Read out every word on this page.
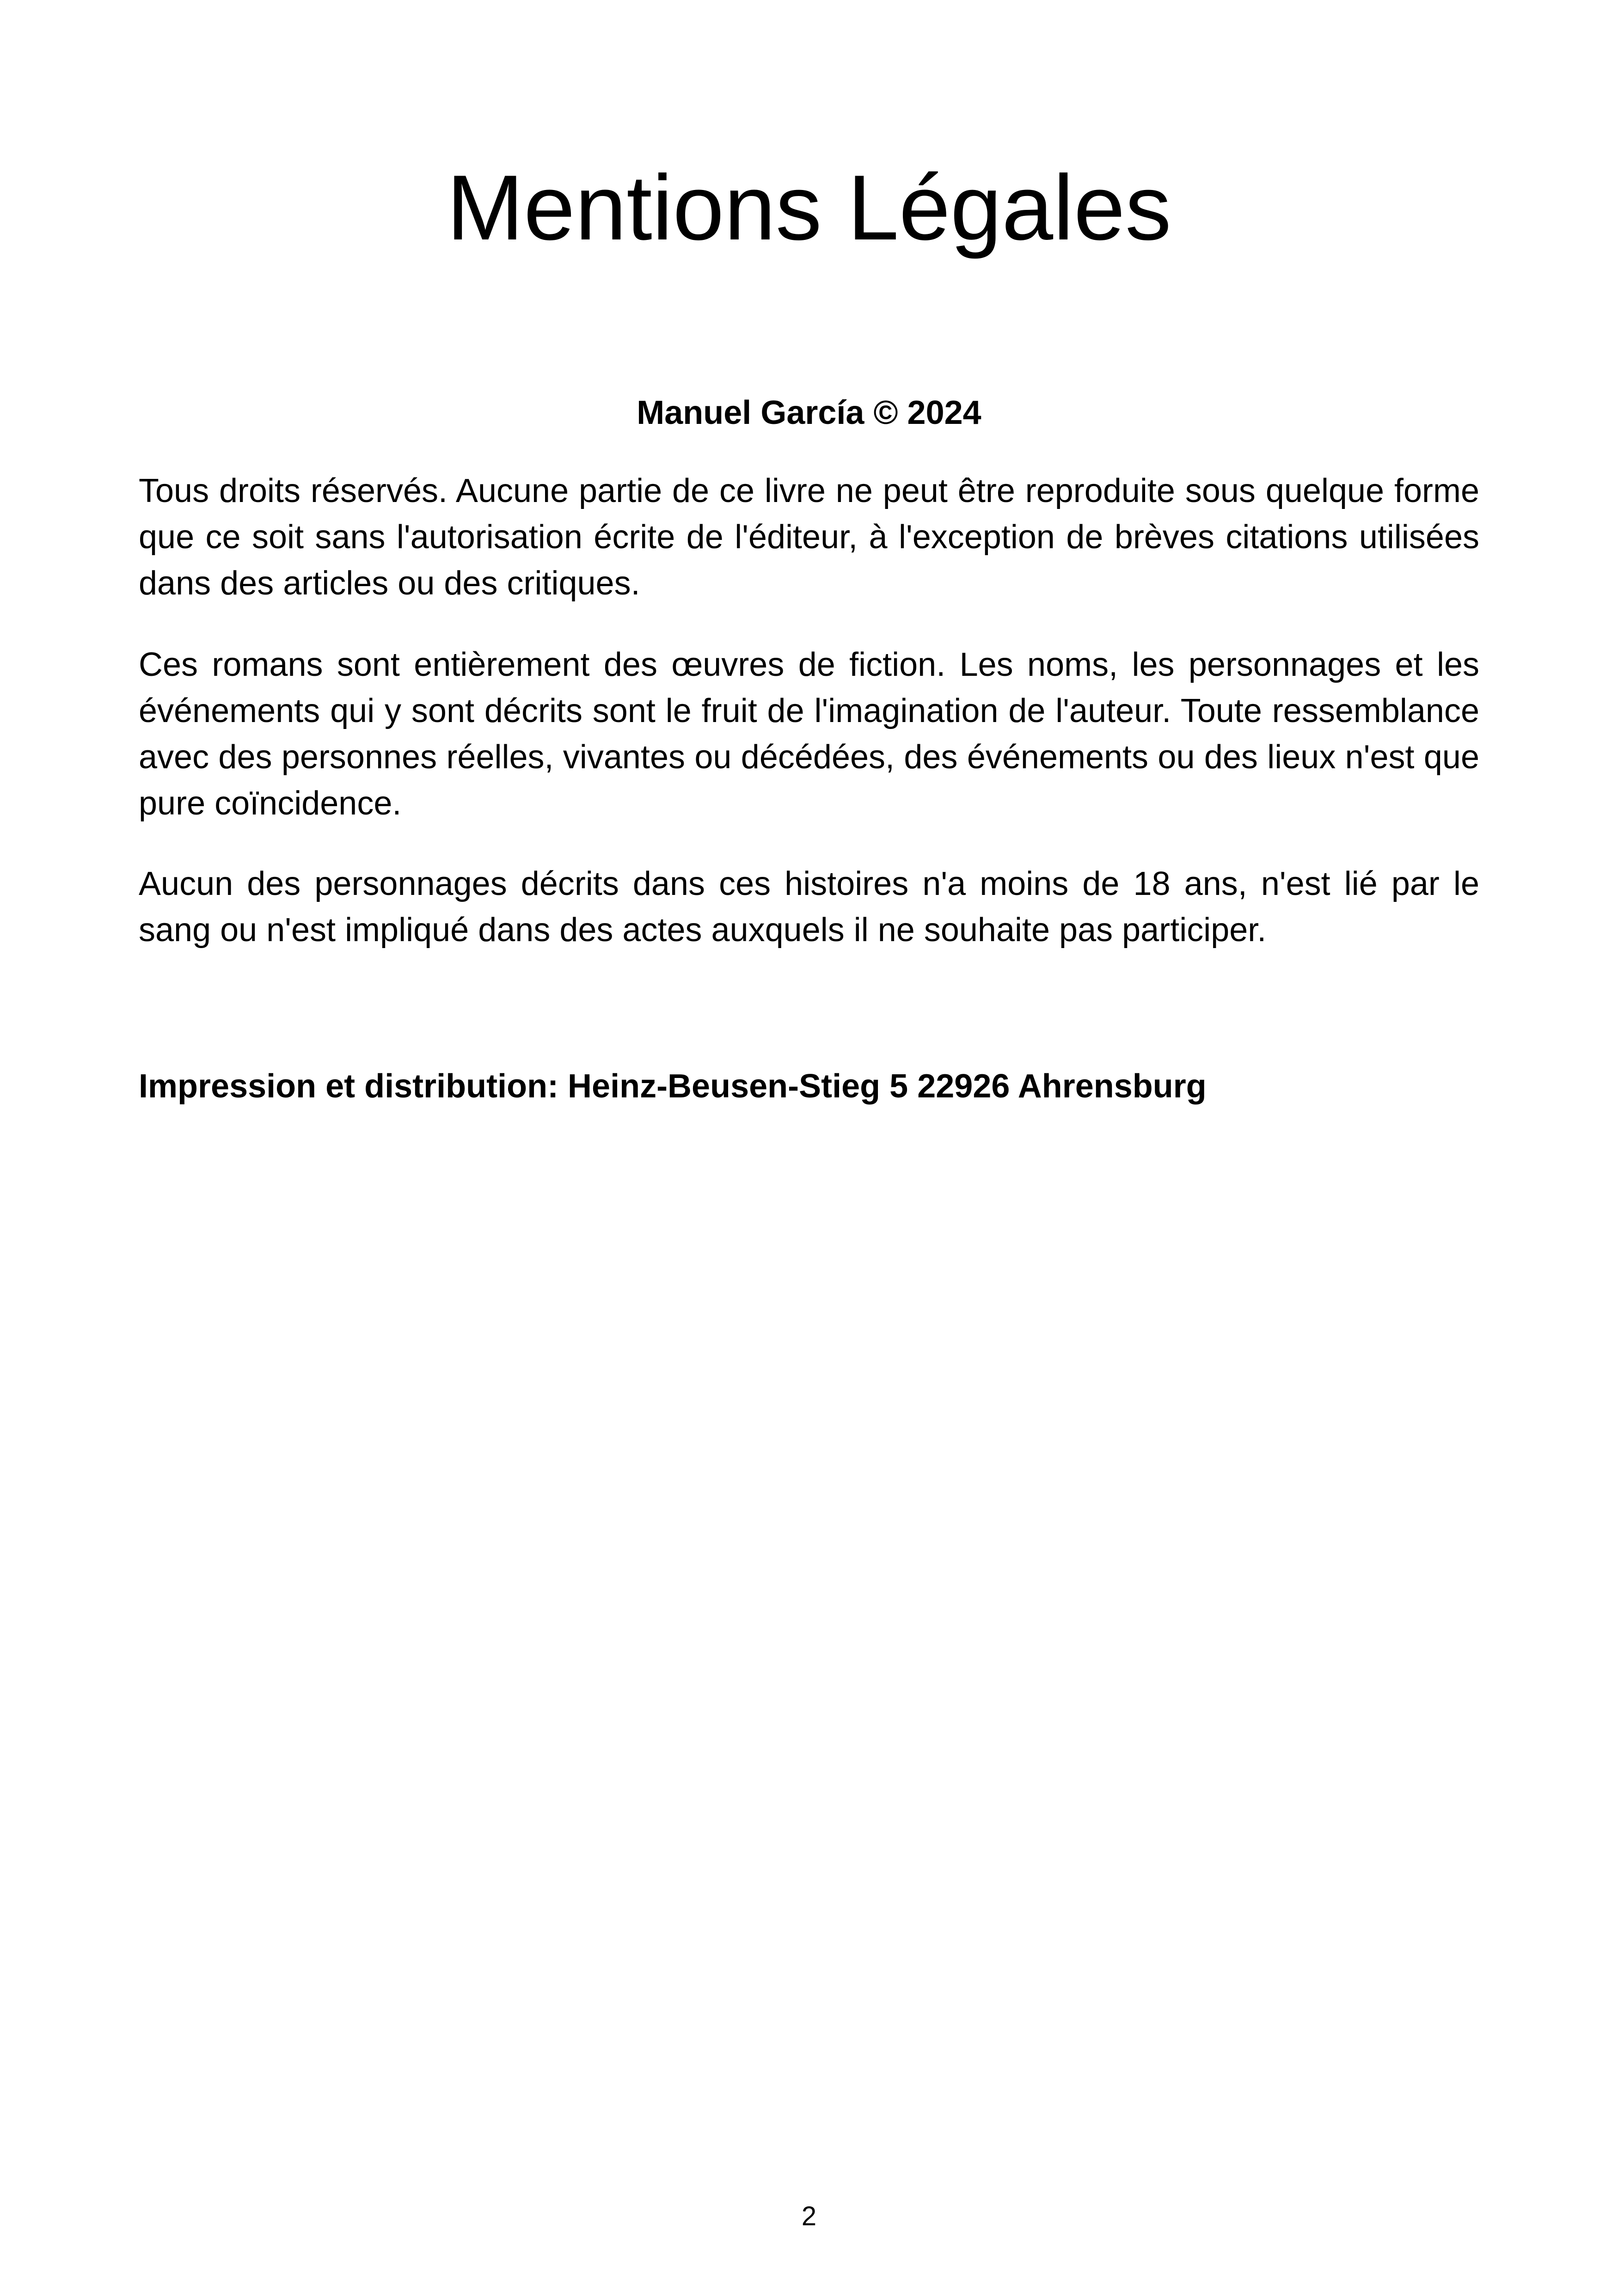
Mentions Légales
Manuel García © 2024

Tous droits réservés. Aucune partie de ce livre ne peut être reproduite sous quelque forme que ce soit sans l'autorisation écrite de l'éditeur, à l'exception de brèves citations utilisées dans des articles ou des critiques.

Ces romans sont entièrement des œuvres de fiction. Les noms, les personnages et les événements qui y sont décrits sont le fruit de l'imagination de l'auteur. Toute ressemblance avec des personnes réelles, vivantes ou décédées, des événements ou des lieux n'est que pure coïncidence.

Aucun des personnages décrits dans ces histoires n'a moins de 18 ans, n'est lié par le sang ou n'est impliqué dans des actes auxquels il ne souhaite pas participer.

Impression et distribution: Heinz-Beusen-Stieg 5 22926 Ahrensburg
2
